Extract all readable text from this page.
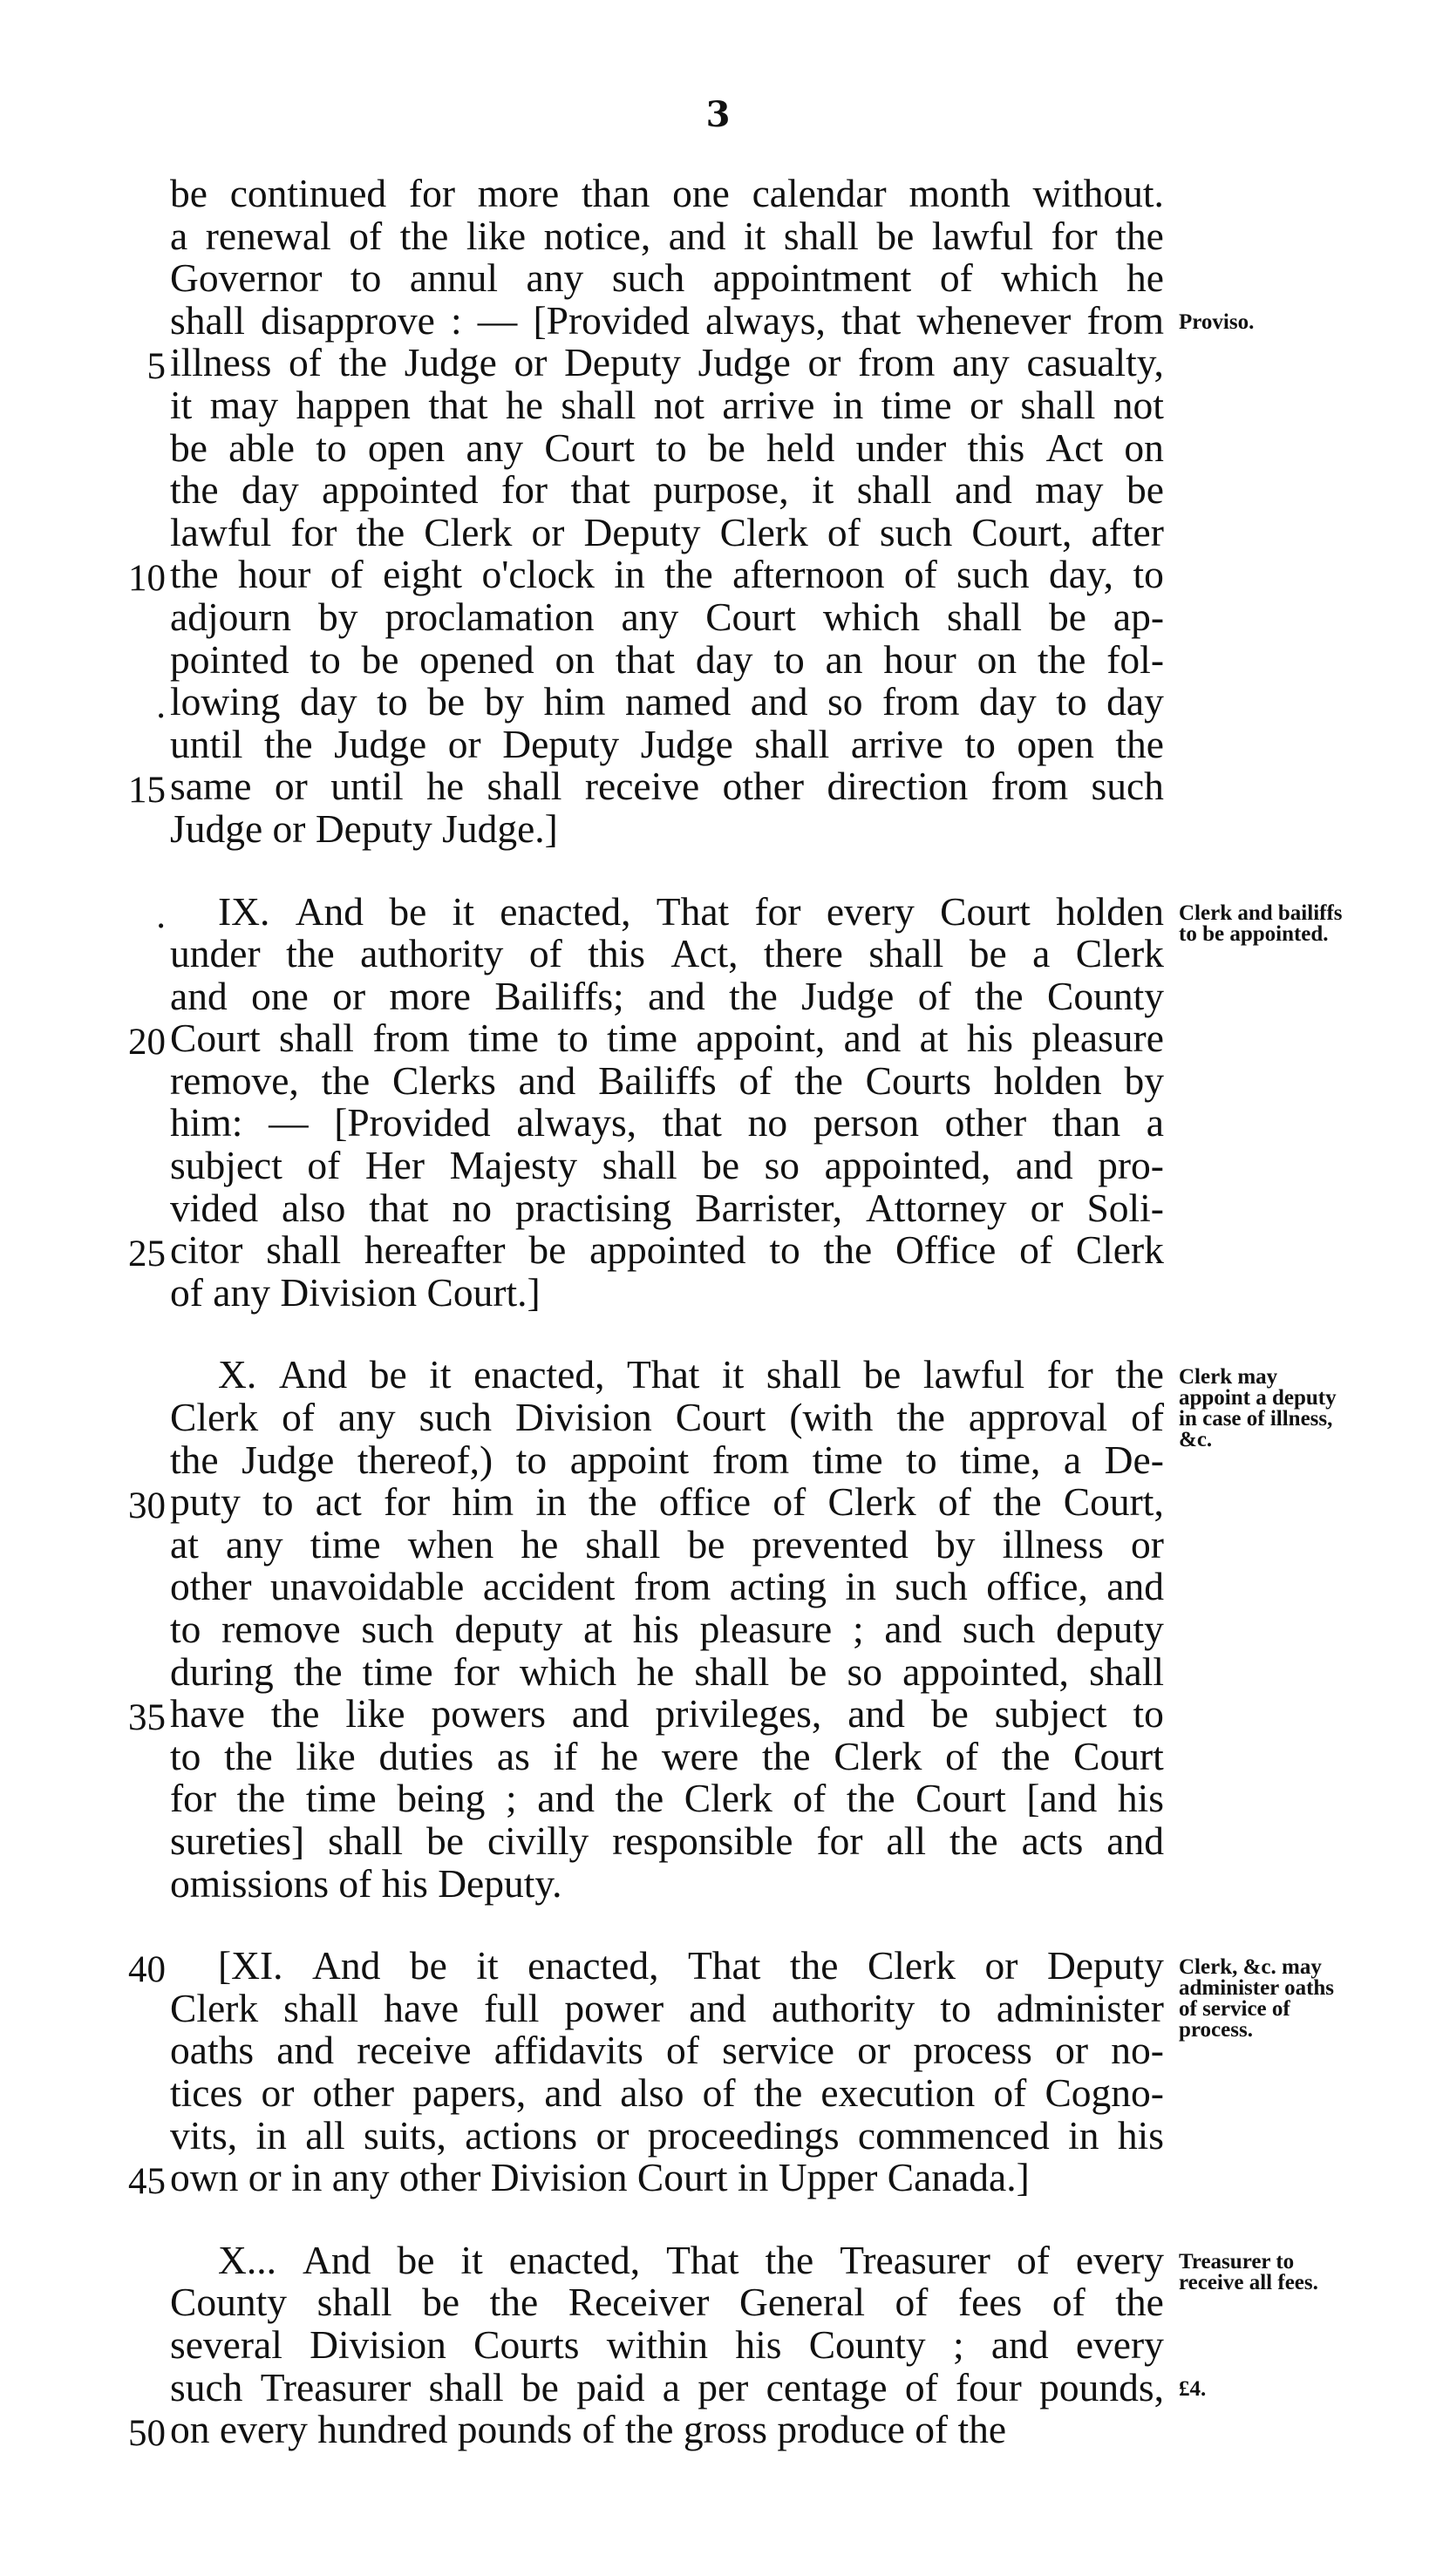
3
be continued for more than one calendar month without.
a renewal of the like notice, and it shall be lawful for the
Governor to annul any such appointment of which he
shall disapprove : — [Provided always, that whenever from
illness of the Judge or Deputy Judge or from any casualty,
it may happen that he shall not arrive in time or shall not
be able to open any Court to be held under this Act on
the day appointed for that purpose, it shall and may be
lawful for the Clerk or Deputy Clerk of such Court, after
the hour of eight o'clock in the afternoon of such day, to
adjourn by proclamation any Court which shall be ap-
pointed to be opened on that day to an hour on the fol-
lowing day to be by him named and so from day to day
until the Judge or Deputy Judge shall arrive to open the
same or until he shall receive other direction from such
Judge or Deputy Judge.]
IX. And be it enacted, That for every Court holden
under the authority of this Act, there shall be a Clerk
and one or more Bailiffs; and the Judge of the County
Court shall from time to time appoint, and at his pleasure
remove, the Clerks and Bailiffs of the Courts holden by
him: — [Provided always, that no person other than a
subject of Her Majesty shall be so appointed, and pro-
vided also that no practising Barrister, Attorney or Soli-
citor shall hereafter be appointed to the Office of Clerk
of any Division Court.]
X. And be it enacted, That it shall be lawful for the
Clerk of any such Division Court (with the approval of
the Judge thereof,) to appoint from time to time, a De-
puty to act for him in the office of Clerk of the Court,
at any time when he shall be prevented by illness or
other unavoidable accident from acting in such office, and
to remove such deputy at his pleasure ; and such deputy
during the time for which he shall be so appointed, shall
have the like powers and privileges, and be subject to
to the like duties as if he were the Clerk of the Court
for the time being ; and the Clerk of the Court [and his
sureties] shall be civilly responsible for all the acts and
omissions of his Deputy.
[XI. And be it enacted, That the Clerk or Deputy
Clerk shall have full power and authority to administer
oaths and receive affidavits of service or process or no-
tices or other papers, and also of the execution of Cogno-
vits, in all suits, actions or proceedings commenced in his
own or in any other Division Court in Upper Canada.]
X... And be it enacted, That the Treasurer of every
County shall be the Receiver General of fees of the
several Division Courts within his County ; and every
such Treasurer shall be paid a per centage of four pounds,
on every hundred pounds of the gross produce of the
5
10
.
15
.
20
25
30
35
40
45
50
Proviso.
Clerk and bailiffs to be appointed.
Clerk may appoint a deputy in case of illness, &c.
Clerk, &c. may administer oaths of service of process.
Treasurer to receive all fees.
£4.
